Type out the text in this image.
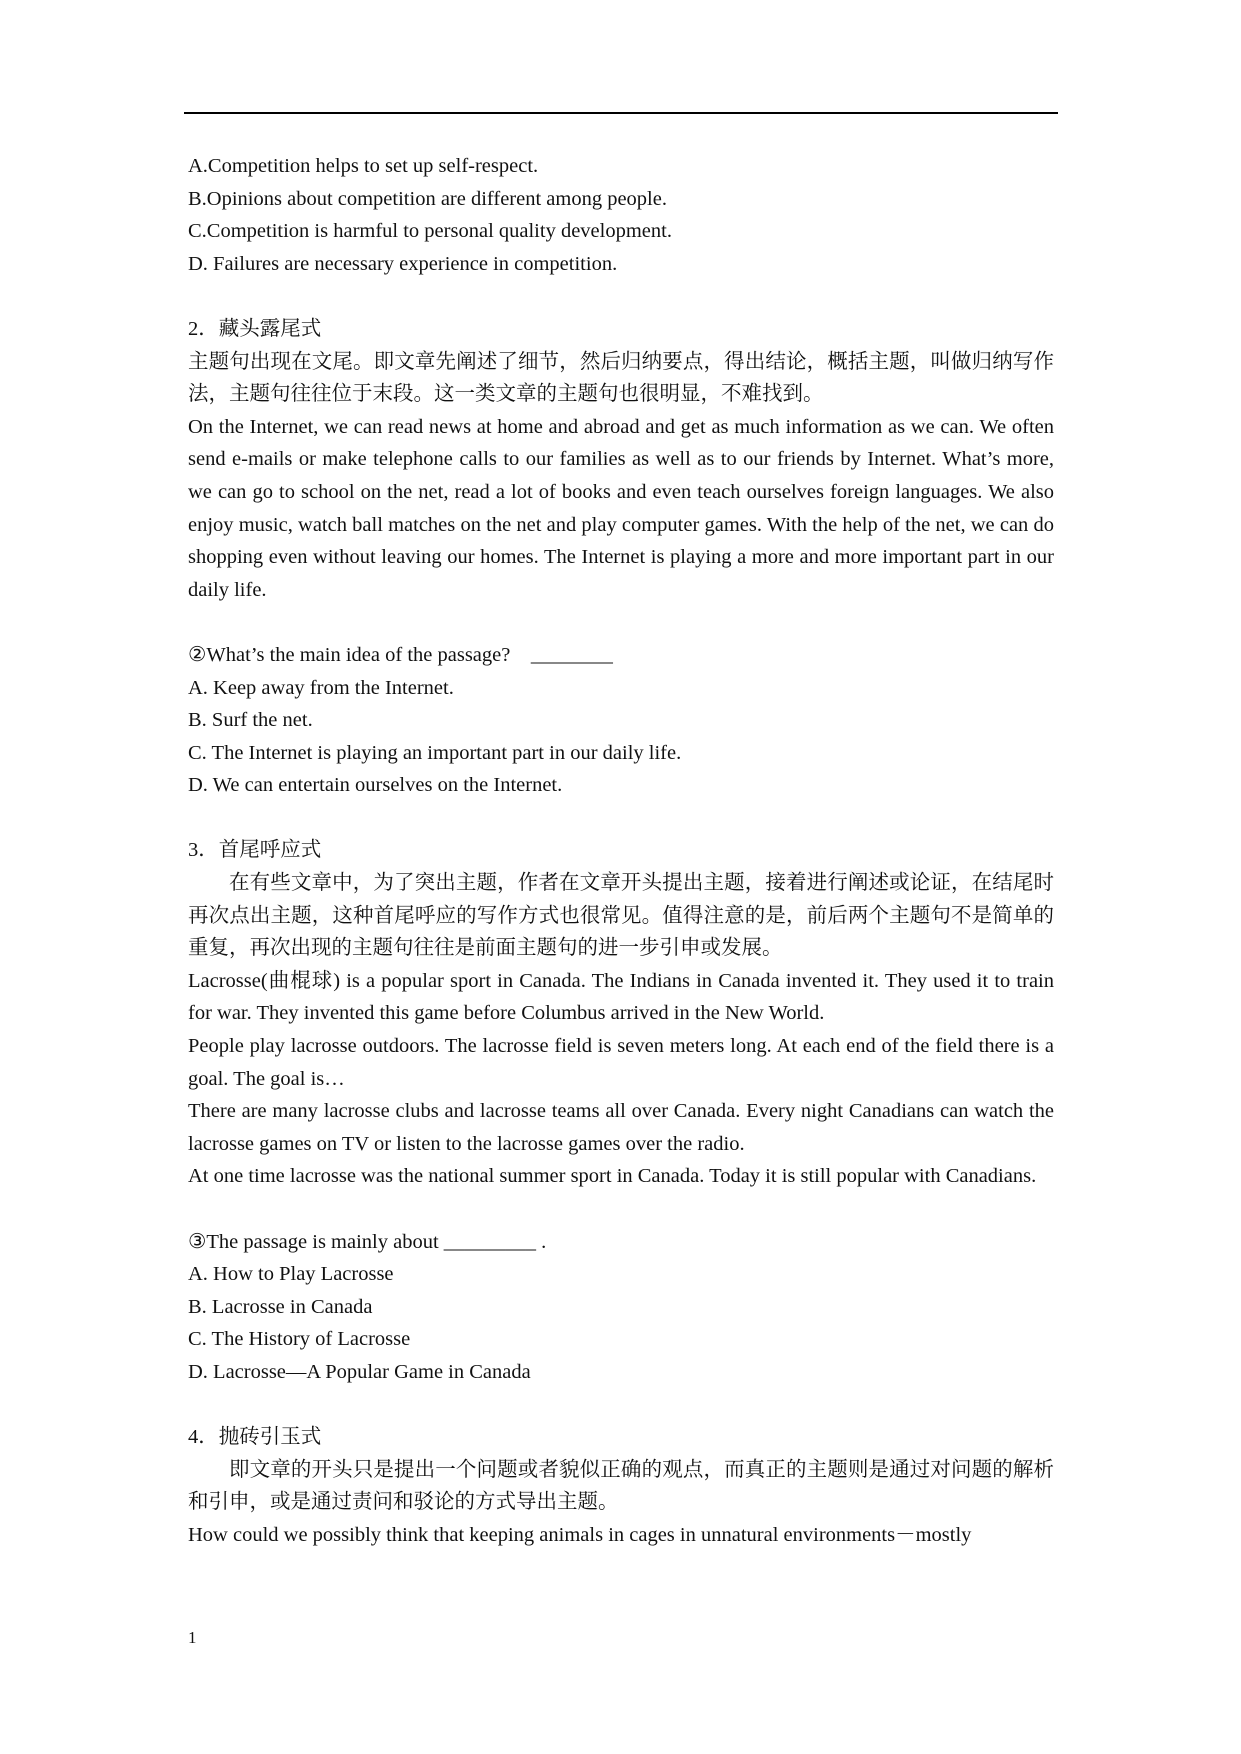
A.Competition helps to set up self-respect.

B.Opinions about competition are different among people.

C.Competition is harmful to personal quality development.

D. Failures are necessary experience in competition.

2．藏头露尾式

主题句出现在文尾。即文章先阐述了细节，然后归纳要点，得出结论，概括主题，叫做归纳写作法，主题句往往位于末段。这一类文章的主题句也很明显，不难找到。

On the Internet, we can read news at home and abroad and get as much information as we can. We often send e-mails or make telephone calls to our families as well as to our friends by Internet. What’s more, we can go to school on the net, read a lot of books and even teach ourselves foreign languages. We also enjoy music, watch ball matches on the net and play computer games. With the help of the net, we can do shopping even without leaving our homes. The Internet is playing a more and more important part in our daily life.

②What’s the main idea of the passage?　________

A. Keep away from the Internet.

B. Surf the net.

C. The Internet is playing an important part in our daily life.

D. We can entertain ourselves on the Internet.

3．首尾呼应式

在有些文章中，为了突出主题，作者在文章开头提出主题，接着进行阐述或论证，在结尾时再次点出主题，这种首尾呼应的写作方式也很常见。值得注意的是，前后两个主题句不是简单的重复，再次出现的主题句往往是前面主题句的进一步引申或发展。

Lacrosse(曲棍球) is a popular sport in Canada. The Indians in Canada invented it. They used it to train for war. They invented this game before Columbus arrived in the New World.

People play lacrosse outdoors. The lacrosse field is seven meters long. At each end of the field there is a goal. The goal is…

There are many lacrosse clubs and lacrosse teams all over Canada. Every night Canadians can watch the lacrosse games on TV or listen to the lacrosse games over the radio.

At one time lacrosse was the national summer sport in Canada. Today it is still popular with Canadians.

③The passage is mainly about _________ .

A. How to Play Lacrosse

B. Lacrosse in Canada

C. The History of Lacrosse

D. Lacrosse—A Popular Game in Canada

4．抛砖引玉式

即文章的开头只是提出一个问题或者貌似正确的观点，而真正的主题则是通过对问题的解析和引申，或是通过责问和驳论的方式导出主题。

How could we possibly think that keeping animals in cages in unnatural environments－mostly

1
